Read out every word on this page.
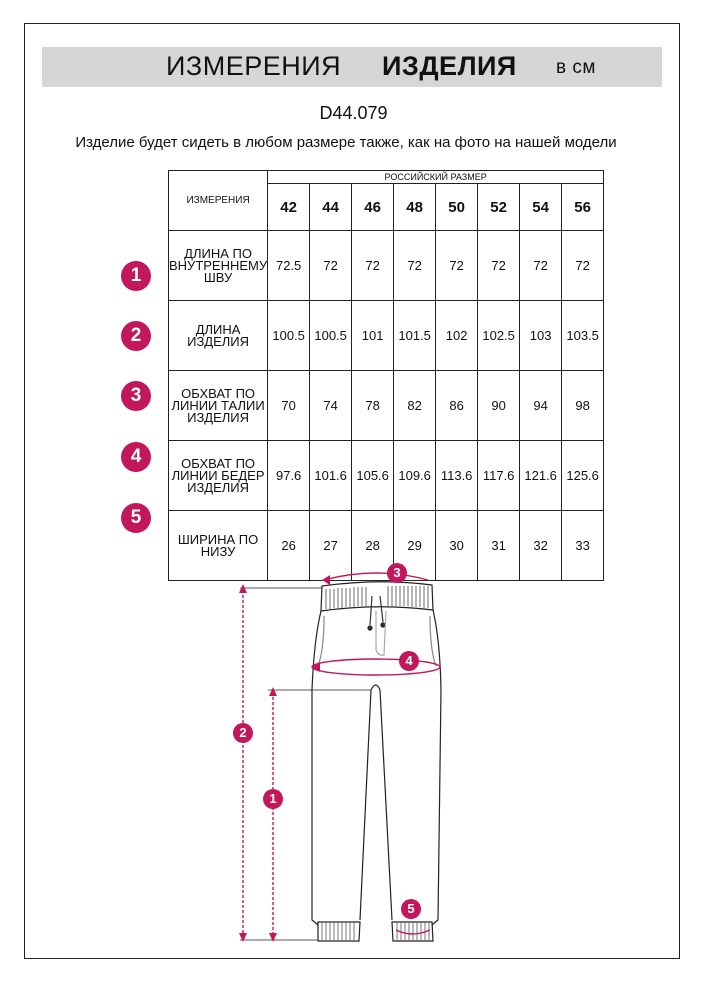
ИЗМЕРЕНИЯ ИЗДЕЛИЯ в см
D44.079
Изделие будет сидеть в любом размере также, как на фото на нашей модели
ИЗМЕРЕНИЯ	РОССИЙСКИЙ РАЗМЕР							
	42	44	46	48	50	52	54	56
ДЛИНА ПО ВНУТРЕННЕМУ ШВУ	72.5	72	72	72	72	72	72	72
ДЛИНА ИЗДЕЛИЯ	100.5	100.5	101	101.5	102	102.5	103	103.5
ОБХВАТ ПО ЛИНИИ ТАЛИИ ИЗДЕЛИЯ	70	74	78	82	86	90	94	98
ОБХВАТ ПО ЛИНИИ БЕДЕР ИЗДЕЛИЯ	97.6	101.6	105.6	109.6	113.6	117.6	121.6	125.6
ШИРИНА ПО НИЗУ	26	27	28	29	30	31	32	33
1
2
3
4
5
3
4
2
1
5
